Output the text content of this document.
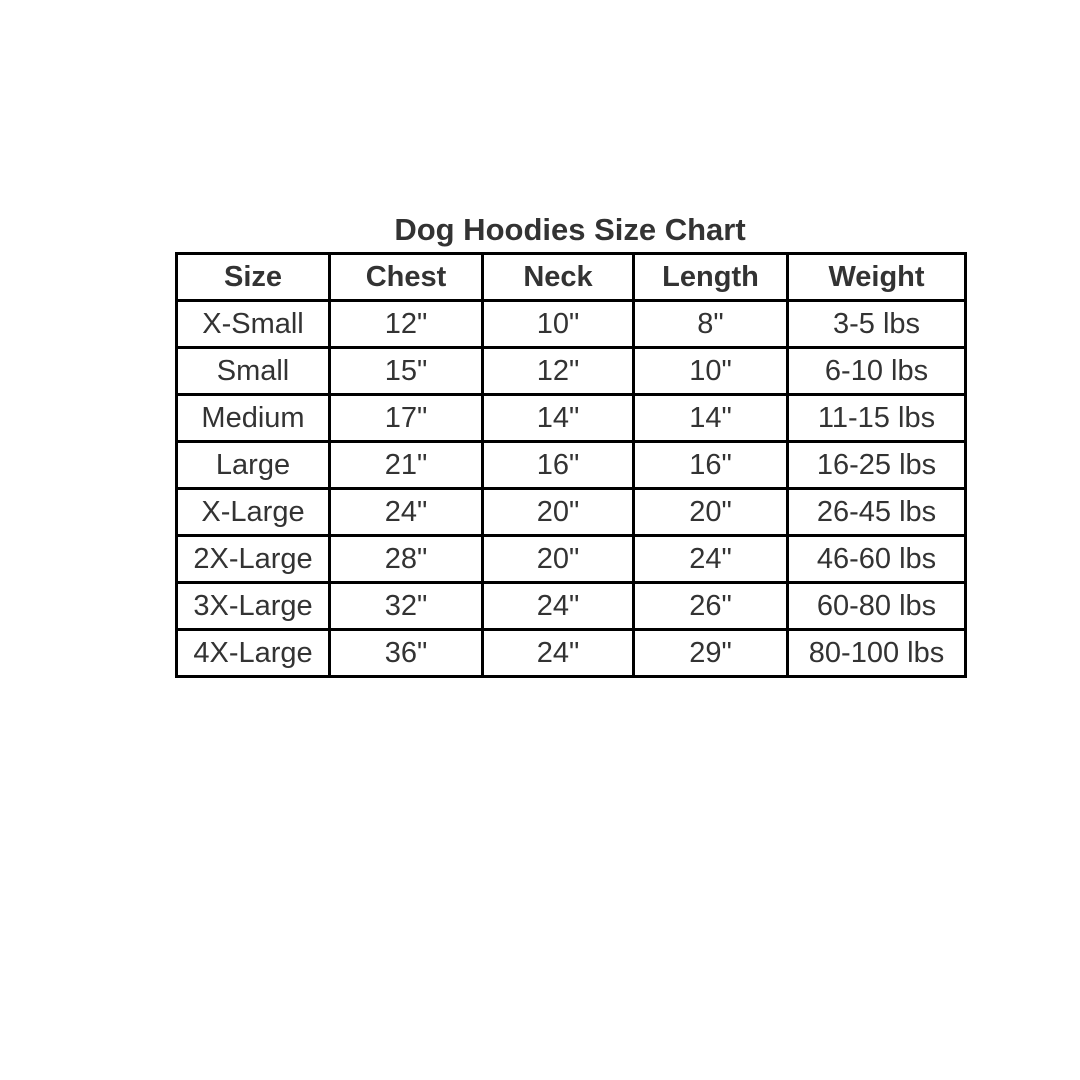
Dog Hoodies Size Chart
Size	Chest	Neck	Length	Weight
X-Small	12"	10"	8"	3-5 lbs
Small	15"	12"	10"	6-10 lbs
Medium	17"	14"	14"	11-15 lbs
Large	21"	16"	16"	16-25 lbs
X-Large	24"	20"	20"	26-45 lbs
2X-Large	28"	20"	24"	46-60 lbs
3X-Large	32"	24"	26"	60-80 lbs
4X-Large	36"	24"	29"	80-100 lbs
